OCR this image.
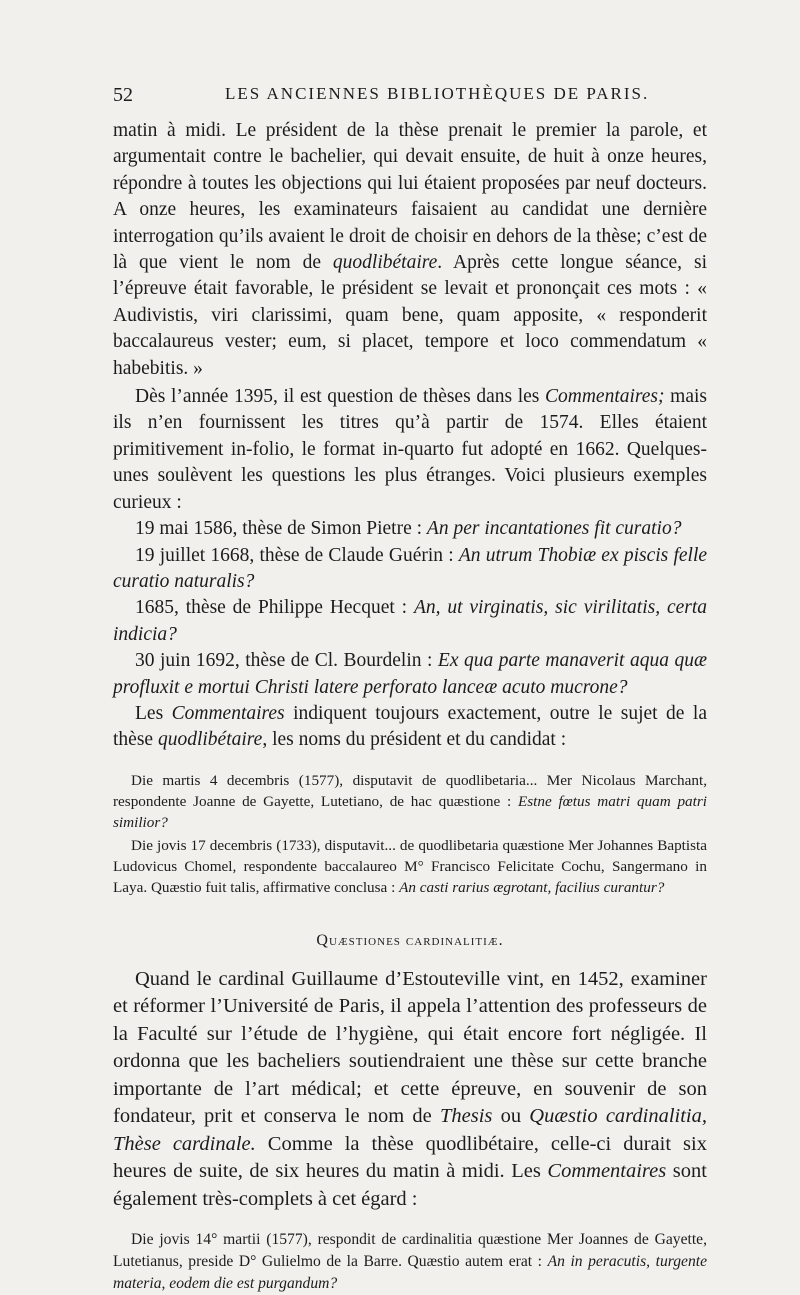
52	LES ANCIENNES BIBLIOTHÈQUES DE PARIS.

matin à midi. Le président de la thèse prenait le premier la parole, et argumentait contre le bachelier, qui devait ensuite, de huit à onze heures, répondre à toutes les objections qui lui étaient proposées par neuf docteurs. A onze heures, les examinateurs faisaient au candidat une dernière interrogation qu’ils avaient le droit de choisir en dehors de la thèse; c’est de là que vient le nom de quodlibétaire. Après cette longue séance, si l’épreuve était favorable, le président se levait et prononçait ces mots : « Audivistis, viri clarissimi, quam bene, quam apposite, « responderit baccalaureus vester; eum, si placet, tempore et loco commendatum « habebitis. »

Dès l’année 1395, il est question de thèses dans les Commentaires; mais ils n’en fournissent les titres qu’à partir de 1574. Elles étaient primitivement in-folio, le format in-quarto fut adopté en 1662. Quelques-unes soulèvent les questions les plus étranges. Voici plusieurs exemples curieux :

19 mai 1586, thèse de Simon Pietre : An per incantationes fit curatio?

19 juillet 1668, thèse de Claude Guérin : An utrum Thobiæ ex piscis felle curatio naturalis?

1685, thèse de Philippe Hecquet : An, ut virginatis, sic virilitatis, certa indicia?

30 juin 1692, thèse de Cl. Bourdelin : Ex qua parte manaverit aqua quæ profluxit e mortui Christi latere perforato lanceæ acuto mucrone?

Les Commentaires indiquent toujours exactement, outre le sujet de la thèse quodlibétaire, les noms du président et du candidat :

Die martis 4 decembris (1577), disputavit de quodlibetaria... Mer Nicolaus Marchant, respondente Joanne de Gayette, Lutetiano, de hac quæstione : Estne fœtus matri quam patri similior?

Die jovis 17 decembris (1733), disputavit... de quodlibetaria quæstione Mer Johannes Baptista Ludovicus Chomel, respondente baccalaureo M° Francisco Felicitate Cochu, Sangermano in Laya. Quæstio fuit talis, affirmative conclusa : An casti rarius ægrotant, facilius curantur?

Quæstiones cardinalitiæ.

Quand le cardinal Guillaume d’Estouteville vint, en 1452, examiner et réformer l’Université de Paris, il appela l’attention des professeurs de la Faculté sur l’étude de l’hygiène, qui était encore fort négligée. Il ordonna que les bacheliers soutiendraient une thèse sur cette branche importante de l’art médical; et cette épreuve, en souvenir de son fondateur, prit et conserva le nom de Thesis ou Quæstio cardinalitia, Thèse cardinale. Comme la thèse quodlibétaire, celle-ci durait six heures de suite, de six heures du matin à midi. Les Commentaires sont également très-complets à cet égard :

Die jovis 14° martii (1577), respondit de cardinalitia quæstione Mer Joannes de Gayette, Lutetianus, preside D° Gulielmo de la Barre. Quæstio autem erat : An in peracutis, turgente materia, eodem die est purgandum?
